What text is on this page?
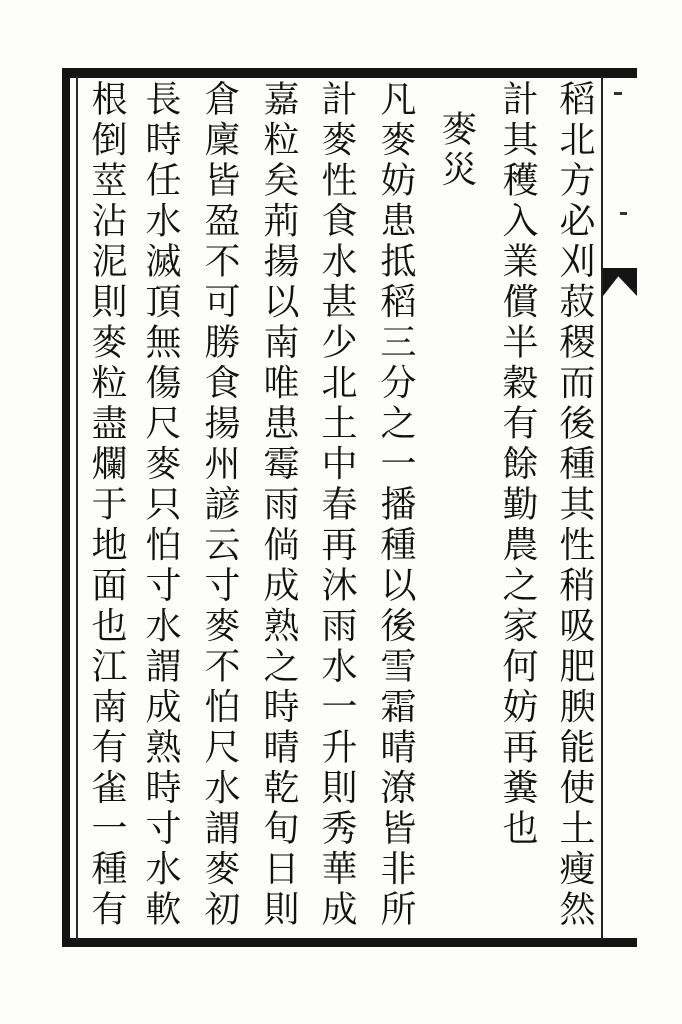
稻北方必刈菽稷而後種其性稍吸肥腴能使土瘦然
計其穫入業償半穀有餘勤農之家何妨再糞也
麥災
凡麥妨患抵稻三分之一播種以後雪霜晴潦皆非所
計麥性食水甚少北土中春再沐雨水一升則秀華成
嘉粒矣荊揚以南唯患霉雨倘成熟之時晴乾旬日則
倉廩皆盈不可勝食揚州諺云寸麥不怕尺水謂麥初
長時任水滅頂無傷尺麥只怕寸水謂成熟時寸水軟
根倒莖沾泥則麥粒盡爛于地面也江南有雀一種有
